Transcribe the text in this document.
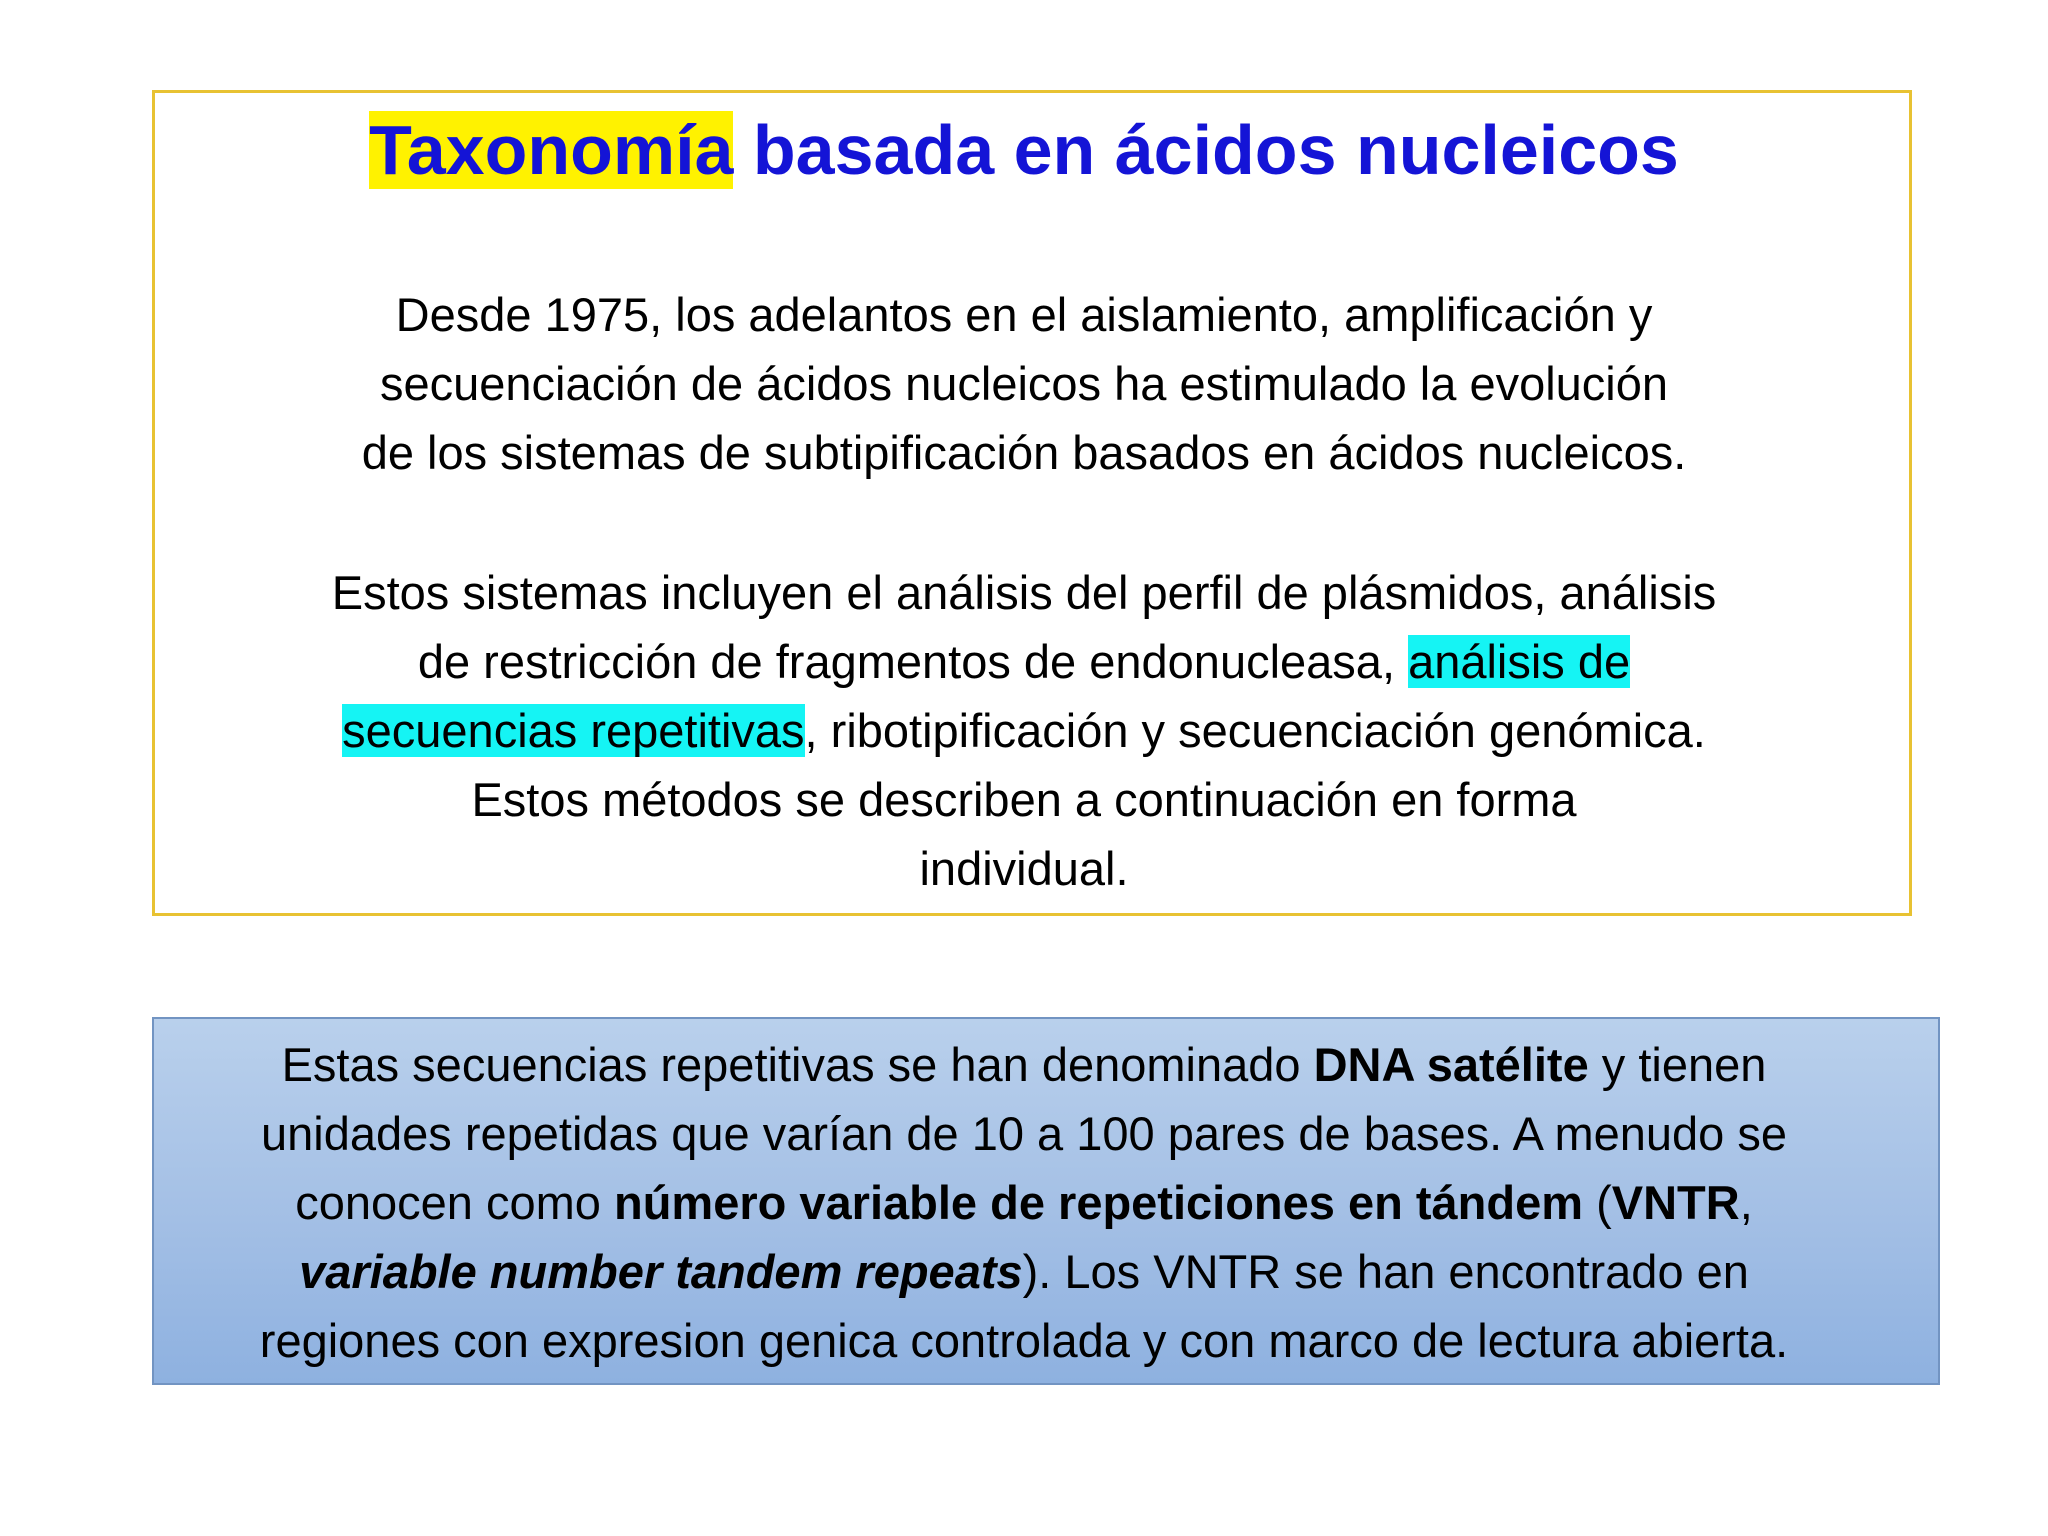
Taxonomía basada en ácidos nucleicos

Desde 1975, los adelantos en el aislamiento, amplificación y
secuenciación de ácidos nucleicos ha estimulado la evolución
de los sistemas de subtipificación basados en ácidos nucleicos.

Estos sistemas incluyen el análisis del perfil de plásmidos, análisis
de restricción de fragmentos de endonucleasa, análisis de
secuencias repetitivas, ribotipificación y secuenciación genómica.
Estos métodos se describen a continuación en forma
individual.

Estas secuencias repetitivas se han denominado DNA satélite y tienen
unidades repetidas que varían de 10 a 100 pares de bases. A menudo se
conocen como número variable de repeticiones en tándem (VNTR,
variable number tandem repeats). Los VNTR se han encontrado en
regiones con expresion genica controlada y con marco de lectura abierta.
